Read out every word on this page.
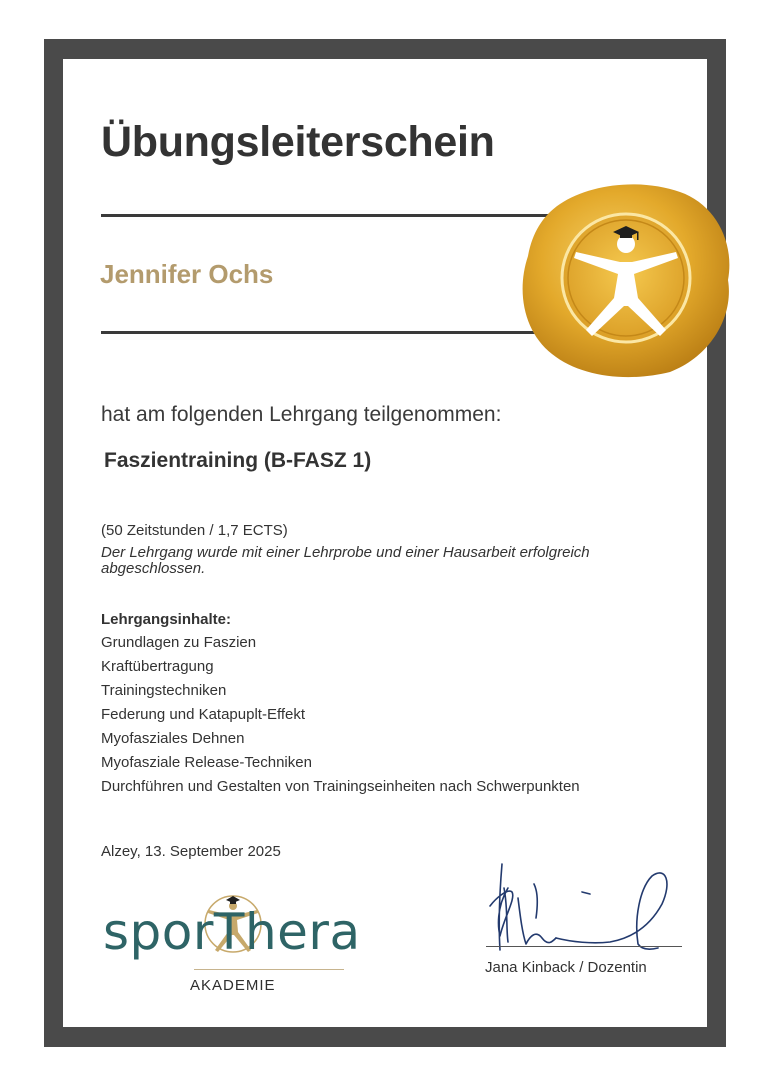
Übungsleiterschein
Jennifer Ochs
hat am folgenden Lehrgang teilgenommen:
Faszientraining (B-FASZ 1)
(50 Zeitstunden / 1,7 ECTS)
Der Lehrgang wurde mit einer Lehrprobe und einer Hausarbeit erfolgreich abgeschlossen.
Lehrgangsinhalte:
Grundlagen zu Faszien
Kraftübertragung
Trainingstechniken
Federung und Katapuplt-Effekt
Myofasziales Dehnen
Myofasziale Release-Techniken
Durchführen und Gestalten von Trainingseinheiten nach Schwerpunkten
Alzey, 13. September 2025
sporThera
AKADEMIE
Jana Kinback / Dozentin
